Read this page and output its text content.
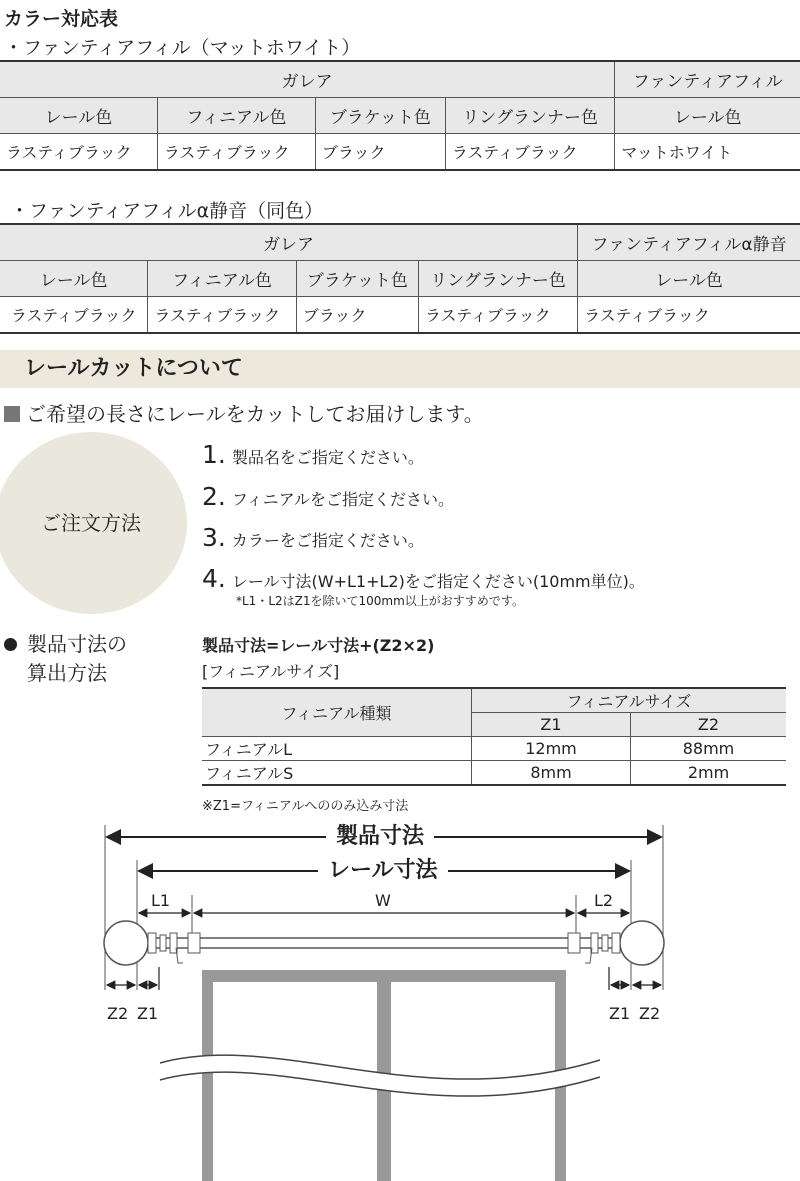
カラー対応表
・ファンティアフィル（マットホワイト）
ガレア				ファンティアフィル
レール色	フィニアル色	ブラケット色	リングランナー色	レール色
ラスティブラック	ラスティブラック	ブラック	ラスティブラック	マットホワイト
・ファンティアフィルα静音（同色）
ガレア				ファンティアフィルα静音
レール色	フィニアル色	ブラケット色	リングランナー色	レール色
ラスティブラック	ラスティブラック	ブラック	ラスティブラック	ラスティブラック
レールカットについて
ご希望の長さにレールをカットしてお届けします。
ご注文方法
1. 製品名をご指定ください。
2. フィニアルをご指定ください。
3. カラーをご指定ください。
4. レール寸法(W+L1+L2)をご指定ください(10mm単位)。
*L1・L2はZ1を除いて100mm以上がおすすめです。
製品寸法の
算出方法
製品寸法=レール寸法+(Z2×2)
[フィニアルサイズ]
フィニアル種類	フィニアルサイズ	
	Z1	Z2
フィニアルL	12mm	88mm
フィニアルS	8mm	2mm
※Z1=フィニアルへののみ込み寸法
製品寸法
レール寸法
L1	W	L2
Z2 Z1	Z1 Z2
